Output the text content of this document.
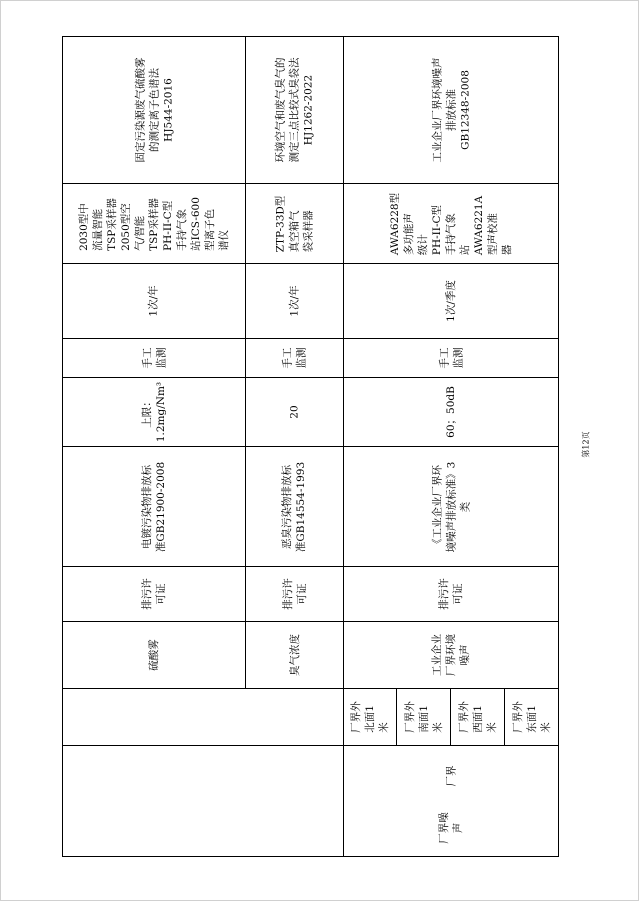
固定污染源废气硫酸雾
的测定离子色谱法
HJ544-2016
2030型中
流量智能
TSP采样器
2050型空
气/智能
TSP采样器
PH-II-C型
手持气象
站ICS-600
型离子色
谱仪
1次/年
手工
监测
上限：
1.2mg/Nm³
电镀污染物排放标
准GB21900-2008
排污许
可证
硫酸雾
环境空气和废气臭气的
测定三点比较式臭袋法
HJ1262-2022
ZTP-33D型
真空箱气
袋采样器
1次/年
手工
监测
20
恶臭污染物排放标
准GB14554-1993
排污许
可证
臭气浓度
工业企业厂界环境噪声
排放标准
GB12348-2008
AWA6228型
多功能声
级计
PH-II-C型
手持气象
站
AWA6221A
型声校准
器
1次/季度
手工
监测
60；50dB
《工业企业厂界环
境噪声排放标准》3
类
排污许
可证
工业企业
厂界环境
噪声
厂界外
北面1
米 厂界外
南面1
米 厂界外
西面1
米 厂界外
东面1
米
厂界
厂界噪
声
第12页
